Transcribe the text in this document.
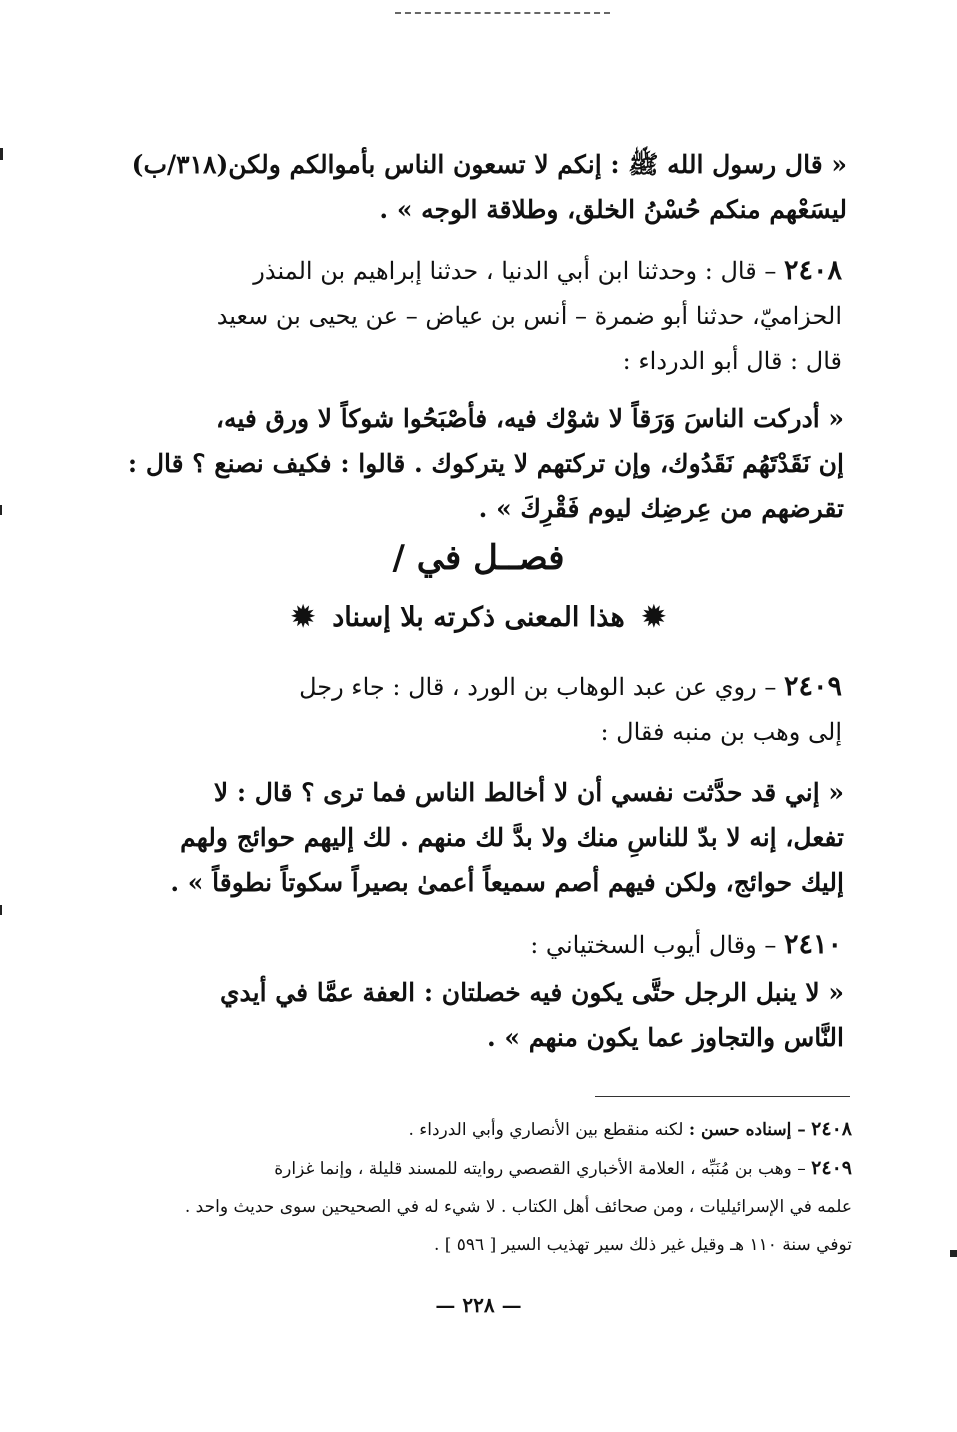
« قال رسول الله ﷺ : إنكم لا تسعون الناس بأموالكم ولكن(٣١٨/ب)
ليسَعْهم منكم حُسْنُ الخلق، وطلاقة الوجه » .
٢٤٠٨ – قال : وحدثنا ابن أبي الدنيا ، حدثنا إبراهيم بن المنذر
الحزاميّ، حدثنا أبو ضمرة – أنس بن عياض – عن يحيى بن سعيد
قال : قال أبو الدرداء :
« أدركت الناسَ وَرَقاً لا شوْك فيه، فأصْبَحُوا شوكاً لا ورق فيه،
إن نَقَدْتَهُم نَقَدُوك، وإن تركتهم لا يتركوك . قالوا : فكيف نصنع ؟ قال :
تقرضهم من عِرضِك ليوم فَقْرِكَ » .
فصــل في /
✹ هذا المعنى ذكرته بلا إسناد ✹
٢٤٠٩ – روي عن عبد الوهاب بن الورد ، قال : جاء رجل
إلى وهب بن منبه فقال :
« إني قد حدَّثت نفسي أن لا أخالط الناس فما ترى ؟ قال : لا
تفعل، إنه لا بدّ للناسِ منك ولا بدَّ لك منهم . لك إليهم حوائج ولهم
إليك حوائج، ولكن فيهم أصم سميعاً أعمىٰ بصيراً سكوتاً نطوقاً » .
٢٤١٠ – وقال أيوب السختياني :
« لا ينبل الرجل حتَّى يكون فيه خصلتان : العفة عمَّا في أيدي
النَّاس والتجاوز عما يكون منهم » .
٢٤٠٨ – إسناده حسن : لكنه منقطع بين الأنصاري وأبي الدرداء .
٢٤٠٩ – وهب بن مُنَبِّه ، العلامة الأخباري القصصي روايته للمسند قليلة ، وإنما غزارة
علمه في الإسرائيليات ، ومن صحائف أهل الكتاب . لا شيء له في الصحيحين سوى حديث واحد .
توفي سنة ١١٠ هـ وقيل غير ذلك سير تهذيب السير [ ٥٩٦ ] .
— ٢٢٨ —
